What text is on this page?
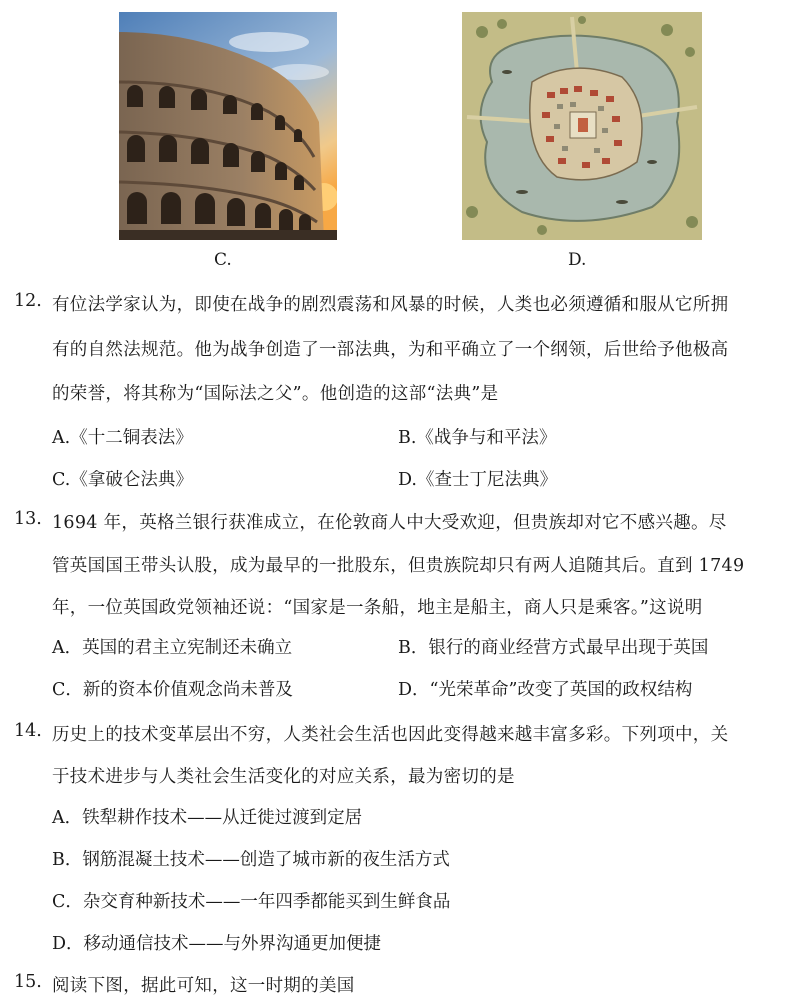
C.	D.
12. 有位法学家认为，即使在战争的剧烈震荡和风暴的时候，人类也必须遵循和服从它所拥
有的自然法规范。他为战争创造了一部法典，为和平确立了一个纲领，后世给予他极高
的荣誉，将其称为“国际法之父”。他创造的这部“法典”是
A.《十二铜表法》	B.《战争与和平法》
C.《拿破仑法典》	D.《查士丁尼法典》
13. 1694 年，英格兰银行获准成立，在伦敦商人中大受欢迎，但贵族却对它不感兴趣。尽
管英国国王带头认股，成为最早的一批股东，但贵族院却只有两人追随其后。直到 1749
年，一位英国政党领袖还说：“国家是一条船，地主是船主，商人只是乘客。”这说明
A．英国的君主立宪制还未确立	B．银行的商业经营方式最早出现于英国
C．新的资本价值观念尚未普及	D．“光荣革命”改变了英国的政权结构
14. 历史上的技术变革层出不穷，人类社会生活也因此变得越来越丰富多彩。下列项中，关
于技术进步与人类社会生活变化的对应关系，最为密切的是
A．铁犁耕作技术——从迁徙过渡到定居
B．钢筋混凝土技术——创造了城市新的夜生活方式
C．杂交育种新技术——一年四季都能买到生鲜食品
D．移动通信技术——与外界沟通更加便捷
15. 阅读下图，据此可知，这一时期的美国
